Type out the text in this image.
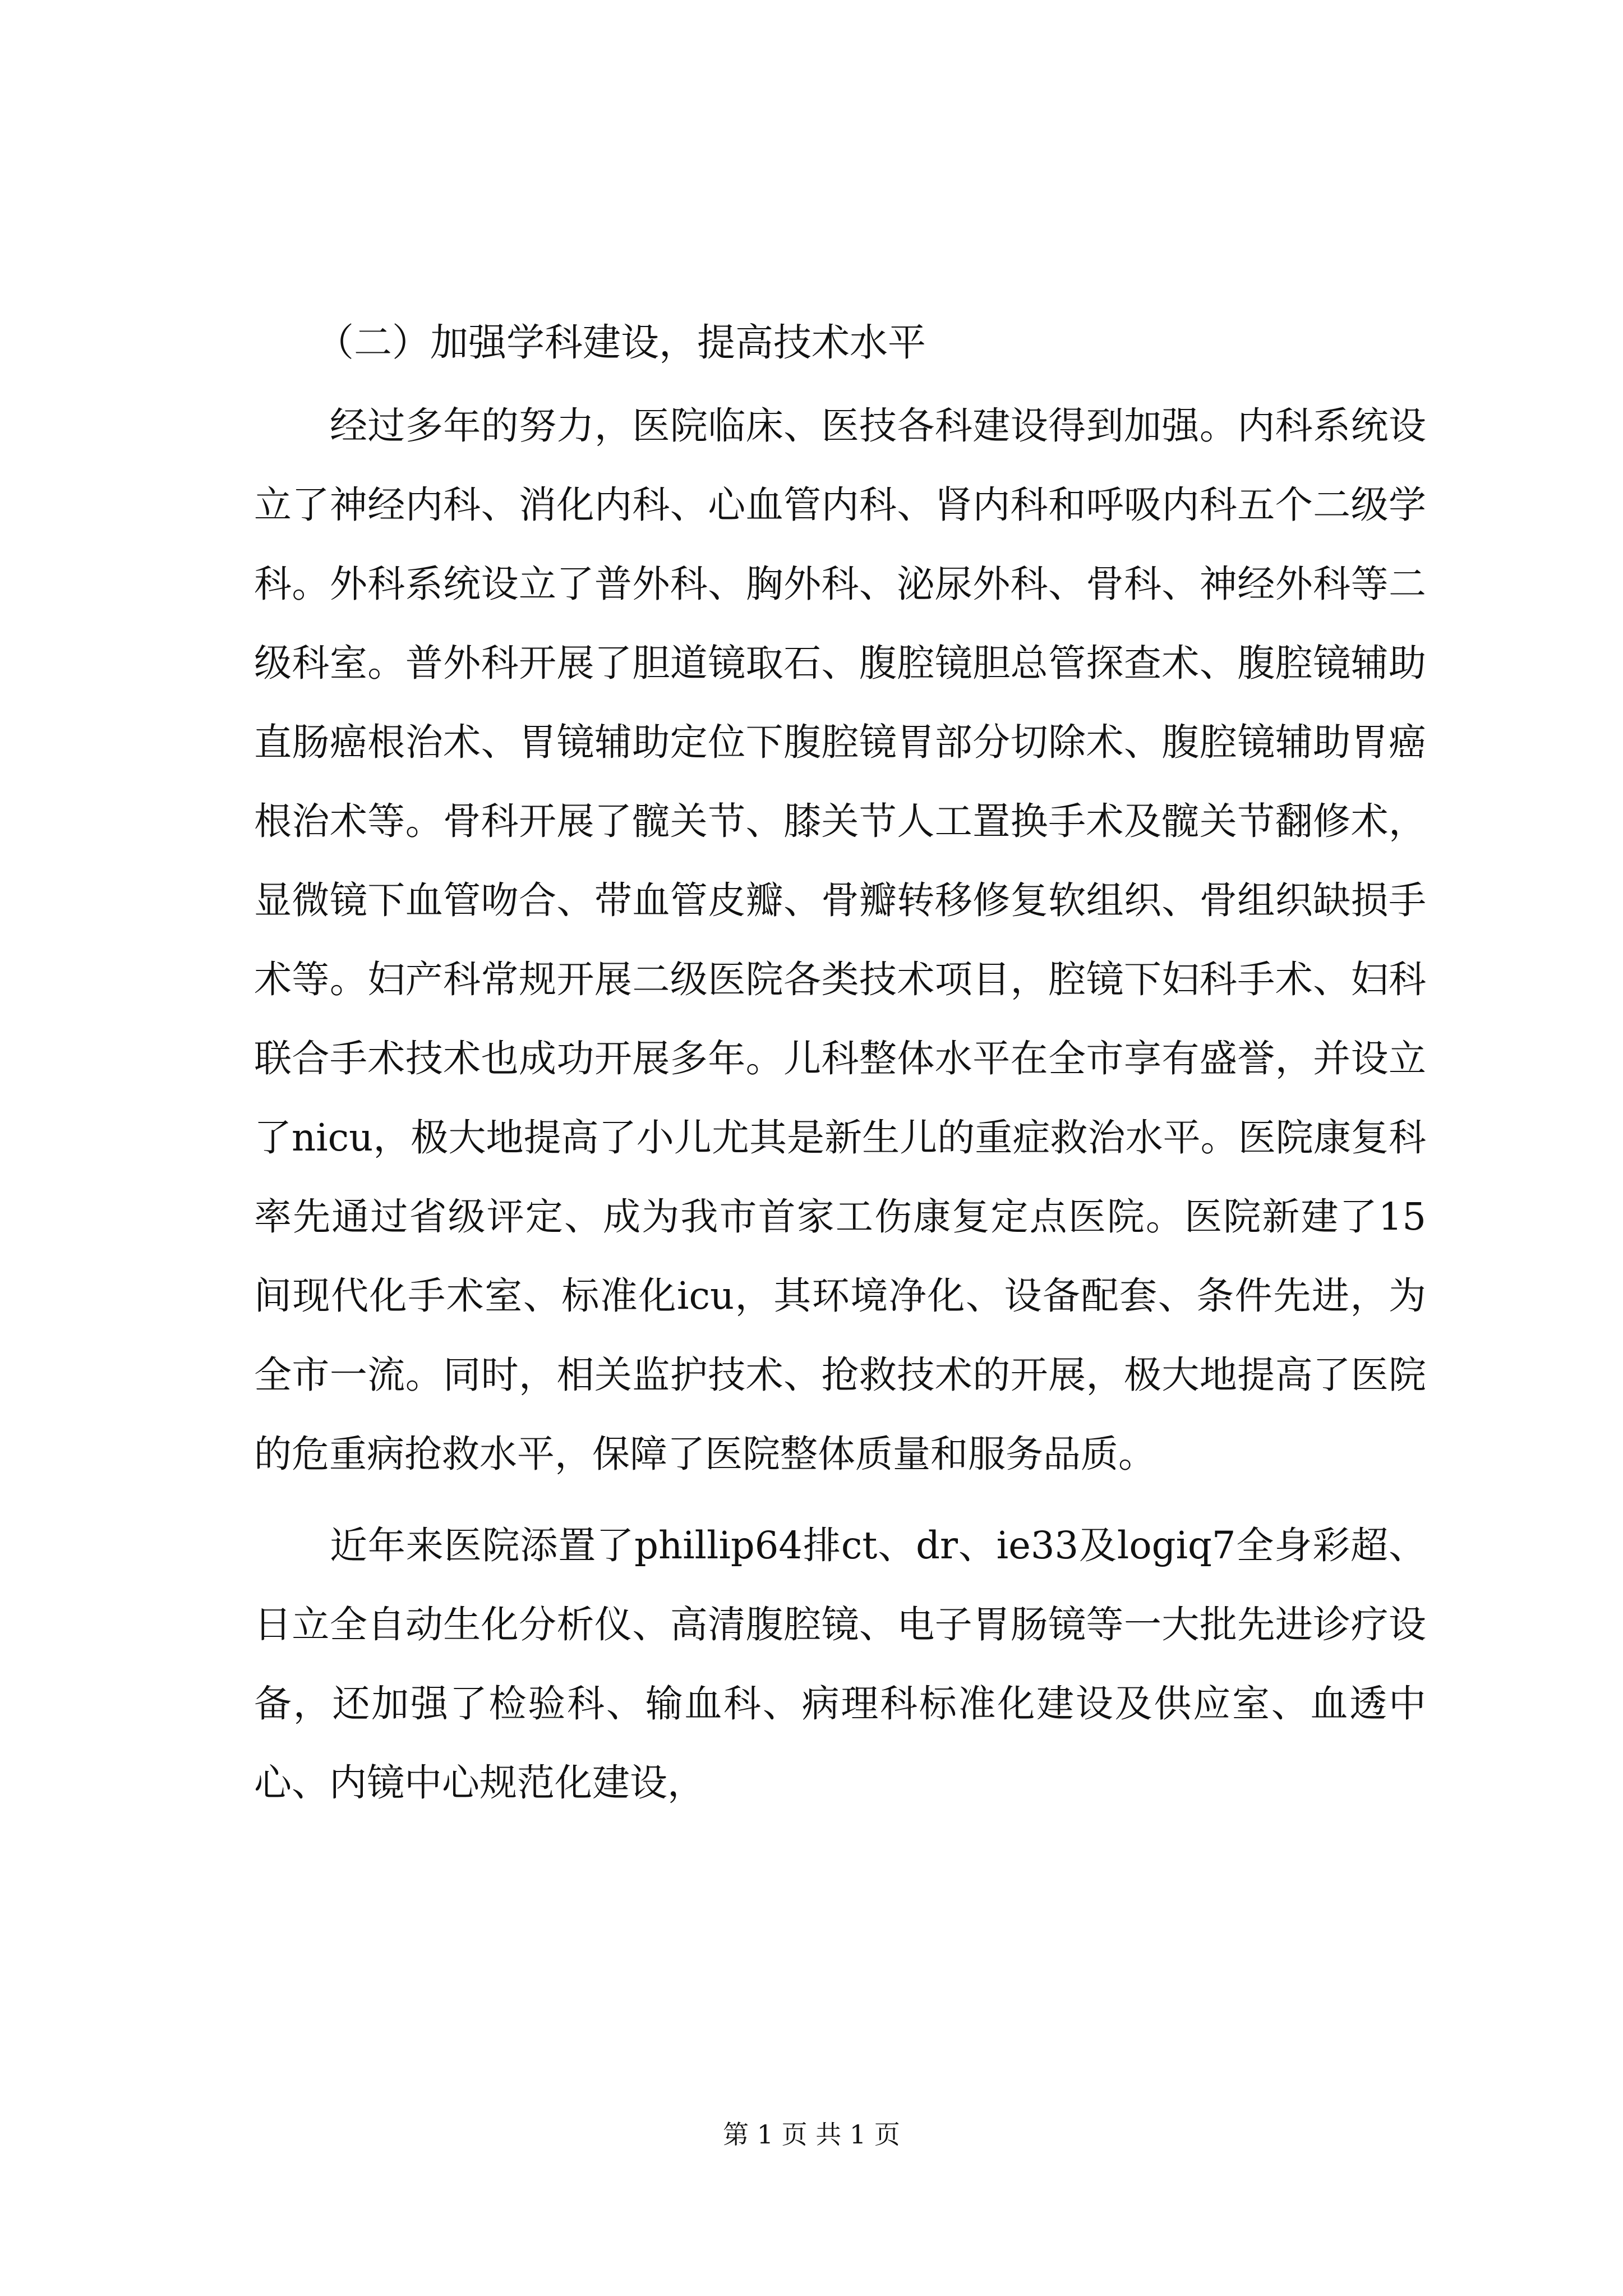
（二）加强学科建设，提高技术水平

经过多年的努力，医院临床、医技各科建设得到加强。内科系统设立了神经内科、消化内科、心血管内科、肾内科和呼吸内科五个二级学科。外科系统设立了普外科、胸外科、泌尿外科、骨科、神经外科等二级科室。普外科开展了胆道镜取石、腹腔镜胆总管探查术、腹腔镜辅助直肠癌根治术、胃镜辅助定位下腹腔镜胃部分切除术、腹腔镜辅助胃癌根治术等。骨科开展了髋关节、膝关节人工置换手术及髋关节翻修术，显微镜下血管吻合、带血管皮瓣、骨瓣转移修复软组织、骨组织缺损手术等。妇产科常规开展二级医院各类技术项目，腔镜下妇科手术、妇科联合手术技术也成功开展多年。儿科整体水平在全市享有盛誉，并设立了nicu，极大地提高了小儿尤其是新生儿的重症救治水平。医院康复科率先通过省级评定、成为我市首家工伤康复定点医院。医院新建了15间现代化手术室、标准化icu，其环境净化、设备配套、条件先进，为全市一流。同时，相关监护技术、抢救技术的开展，极大地提高了医院的危重病抢救水平，保障了医院整体质量和服务品质。

近年来医院添置了phillip64排ct、dr、ie33及logiq7全身彩超、日立全自动生化分析仪、高清腹腔镜、电子胃肠镜等一大批先进诊疗设备，还加强了检验科、输血科、病理科标准化建设及供应室、血透中心、内镜中心规范化建设，

第 1 页 共 1 页
